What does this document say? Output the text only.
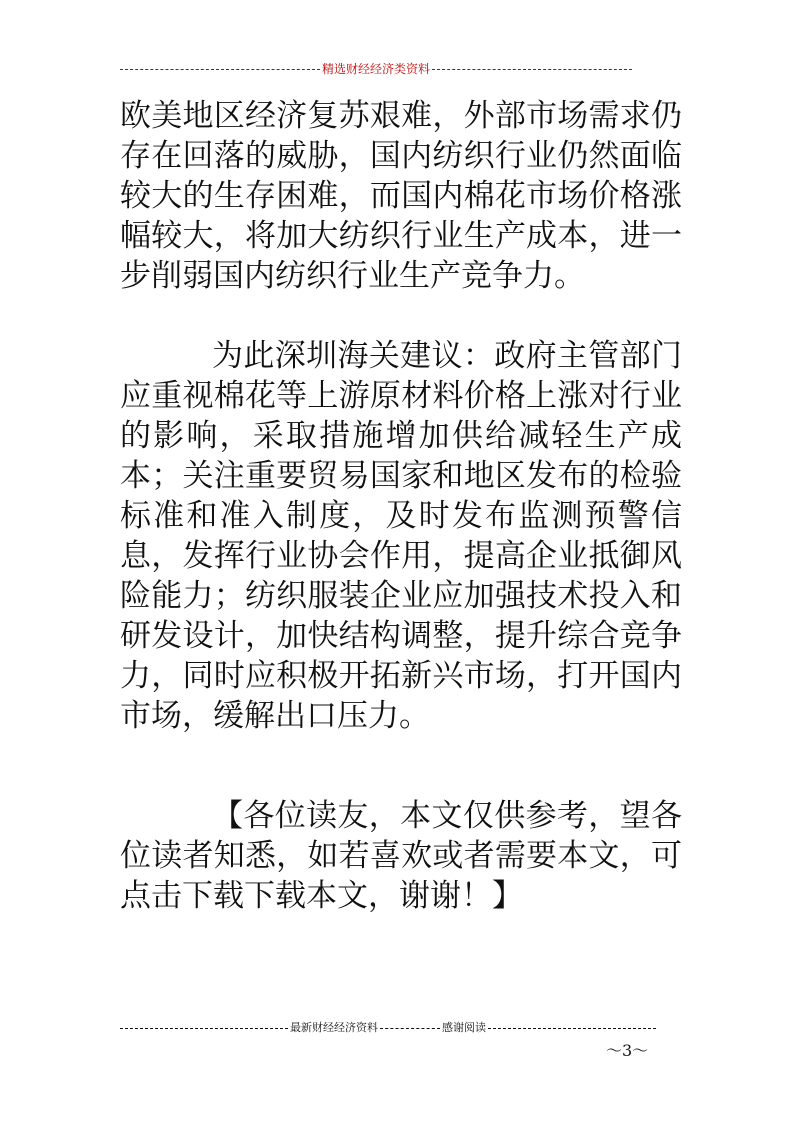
精选财经经济类资料

欧美地区经济复苏艰难，外部市场需求仍存在回落的威胁，国内纺织行业仍然面临较大的生存困难，而国内棉花市场价格涨幅较大，将加大纺织行业生产成本，进一步削弱国内纺织行业生产竞争力。

为此深圳海关建议：政府主管部门应重视棉花等上游原材料价格上涨对行业的影响，采取措施增加供给减轻生产成本；关注重要贸易国家和地区发布的检验标准和准入制度，及时发布监测预警信息，发挥行业协会作用，提高企业抵御风险能力；纺织服装企业应加强技术投入和研发设计，加快结构调整，提升综合竞争力，同时应积极开拓新兴市场，打开国内市场，缓解出口压力。

【各位读友，本文仅供参考，望各位读者知悉，如若喜欢或者需要本文，可点击下载下载本文，谢谢！】

最新财经经济资料	感谢阅读
～3～
